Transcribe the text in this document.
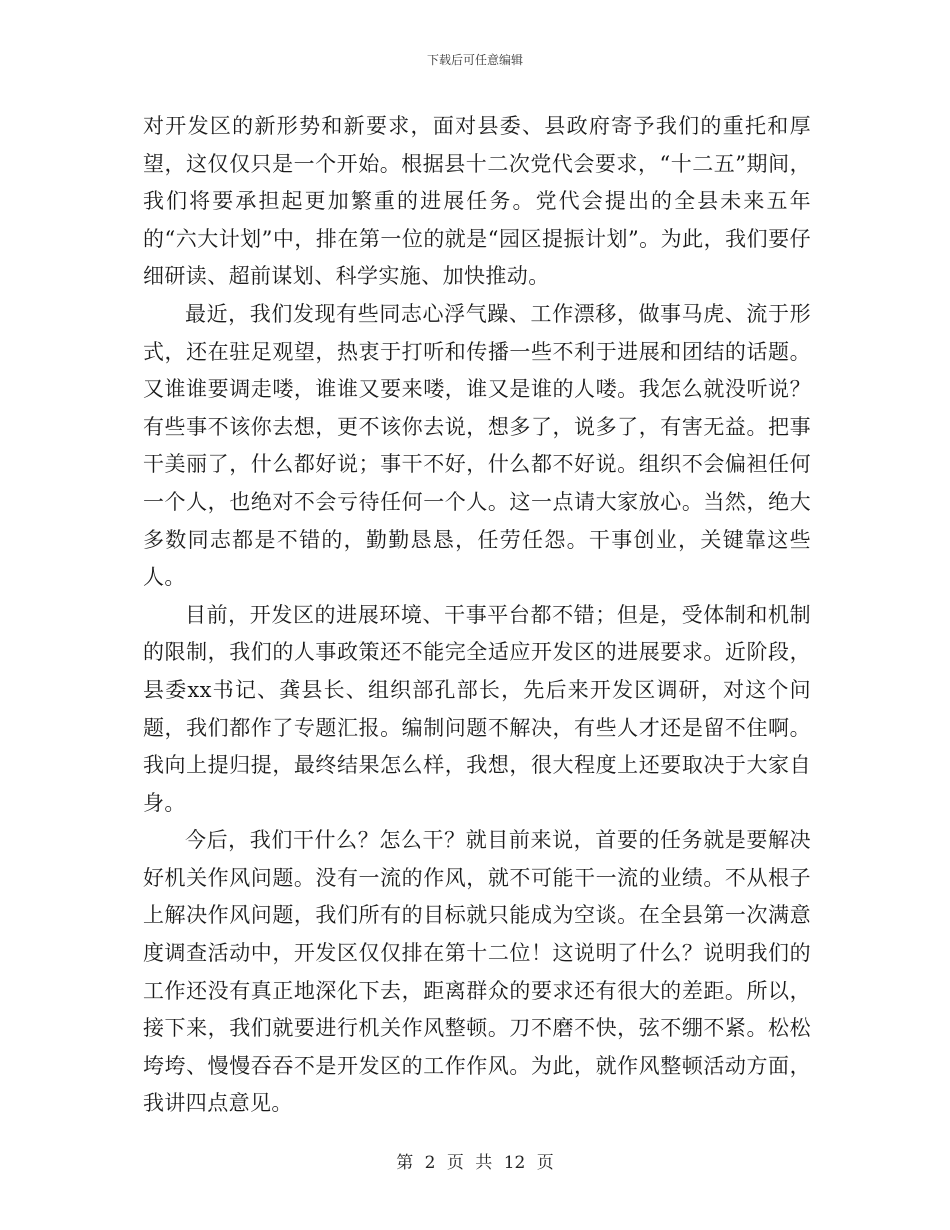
下载后可任意编辑

对开发区的新形势和新要求，面对县委、县政府寄予我们的重托和厚望，这仅仅只是一个开始。根据县十二次党代会要求，“十二五”期间，我们将要承担起更加繁重的进展任务。党代会提出的全县未来五年的“六大计划”中，排在第一位的就是“园区提振计划”。为此，我们要仔细研读、超前谋划、科学实施、加快推动。

最近，我们发现有些同志心浮气躁、工作漂移，做事马虎、流于形式，还在驻足观望，热衷于打听和传播一些不利于进展和团结的话题。又谁谁要调走喽，谁谁又要来喽，谁又是谁的人喽。我怎么就没听说？有些事不该你去想，更不该你去说，想多了，说多了，有害无益。把事干美丽了，什么都好说；事干不好，什么都不好说。组织不会偏袒任何一个人，也绝对不会亏待任何一个人。这一点请大家放心。当然，绝大多数同志都是不错的，勤勤恳恳，任劳任怨。干事创业，关键靠这些人。

目前，开发区的进展环境、干事平台都不错；但是，受体制和机制的限制，我们的人事政策还不能完全适应开发区的进展要求。近阶段，县委xx书记、龚县长、组织部孔部长，先后来开发区调研，对这个问题，我们都作了专题汇报。编制问题不解决，有些人才还是留不住啊。我向上提归提，最终结果怎么样，我想，很大程度上还要取决于大家自身。

今后，我们干什么？怎么干？就目前来说，首要的任务就是要解决好机关作风问题。没有一流的作风，就不可能干一流的业绩。不从根子上解决作风问题，我们所有的目标就只能成为空谈。在全县第一次满意度调查活动中，开发区仅仅排在第十二位！这说明了什么？说明我们的工作还没有真正地深化下去，距离群众的要求还有很大的差距。所以，接下来，我们就要进行机关作风整顿。刀不磨不快，弦不绷不紧。松松垮垮、慢慢吞吞不是开发区的工作作风。为此，就作风整顿活动方面，我讲四点意见。

第 2 页 共 12 页
